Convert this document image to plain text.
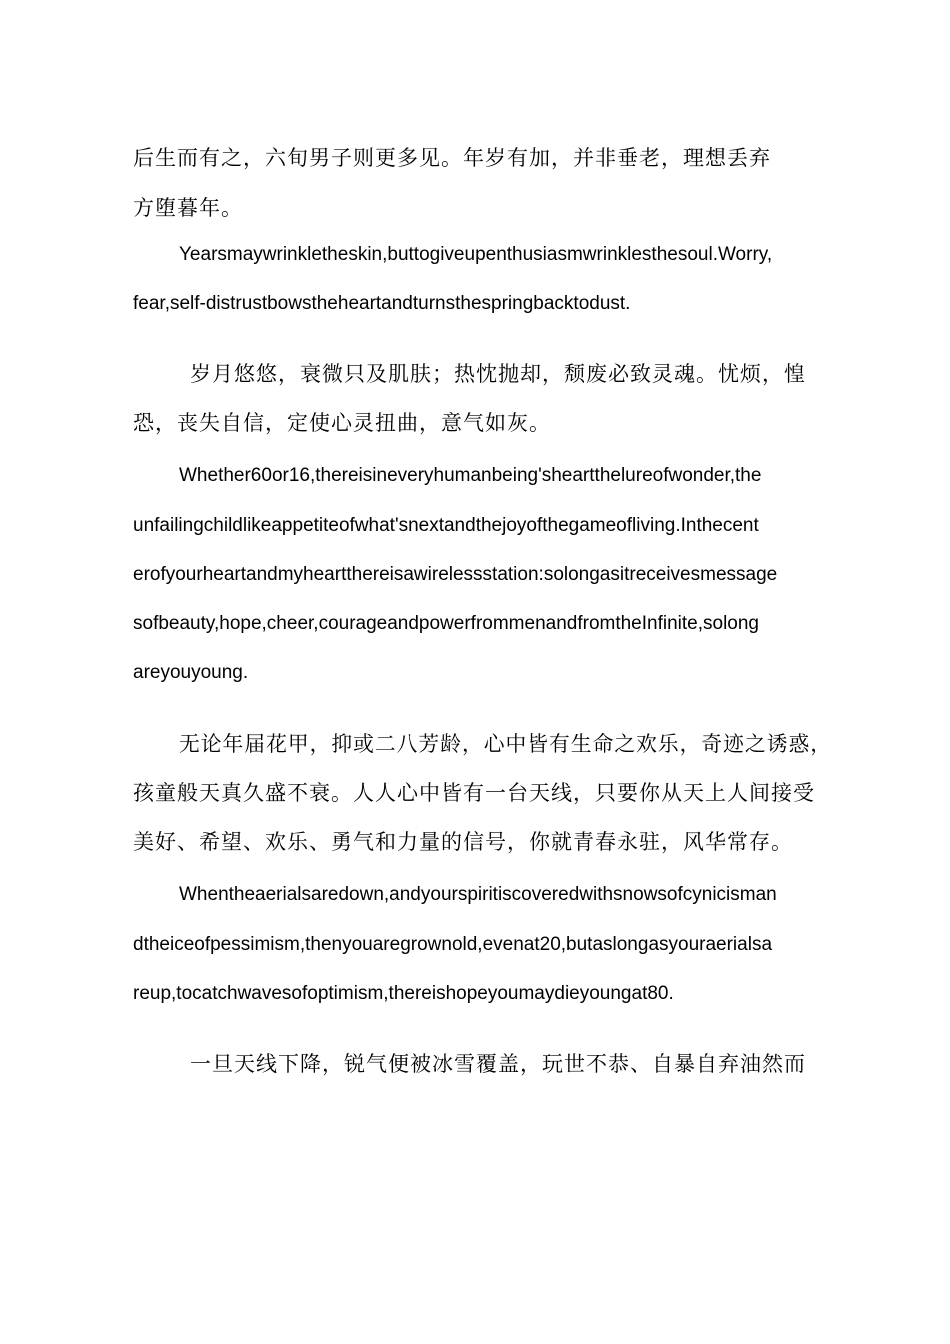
后生而有之，六旬男子则更多见。年岁有加，并非垂老，理想丢弃
方堕暮年。
Yearsmaywrinkletheskin,buttogiveupenthusiasmwrinklesthesoul.Worry,
fear,self-distrustbowstheheartandturnsthespringbacktodust.
岁月悠悠，衰微只及肌肤；热忱抛却，颓废必致灵魂。忧烦，惶
恐，丧失自信，定使心灵扭曲，意气如灰。
Whether60or16,thereisineveryhumanbeing'sheartthelureofwonder,the
unfailingchildlikeappetiteofwhat'snextandthejoyofthegameofliving.Inthecent
erofyourheartandmyheartthereisawirelessstation:solongasitreceivesmessage
sofbeauty,hope,cheer,courageandpowerfrommenandfromtheInfinite,solong
areyouyoung.
无论年届花甲，抑或二八芳龄，心中皆有生命之欢乐，奇迹之诱惑，
孩童般天真久盛不衰。人人心中皆有一台天线，只要你从天上人间接受
美好、希望、欢乐、勇气和力量的信号，你就青春永驻，风华常存。
Whentheaerialsaredown,andyourspiritiscoveredwithsnowsofcynicisman
dtheiceofpessimism,thenyouaregrownold,evenat20,butaslongasyouraerialsa
reup,tocatchwavesofoptimism,thereishopeyoumaydieyoungat80.
一旦天线下降，锐气便被冰雪覆盖，玩世不恭、自暴自弃油然而
